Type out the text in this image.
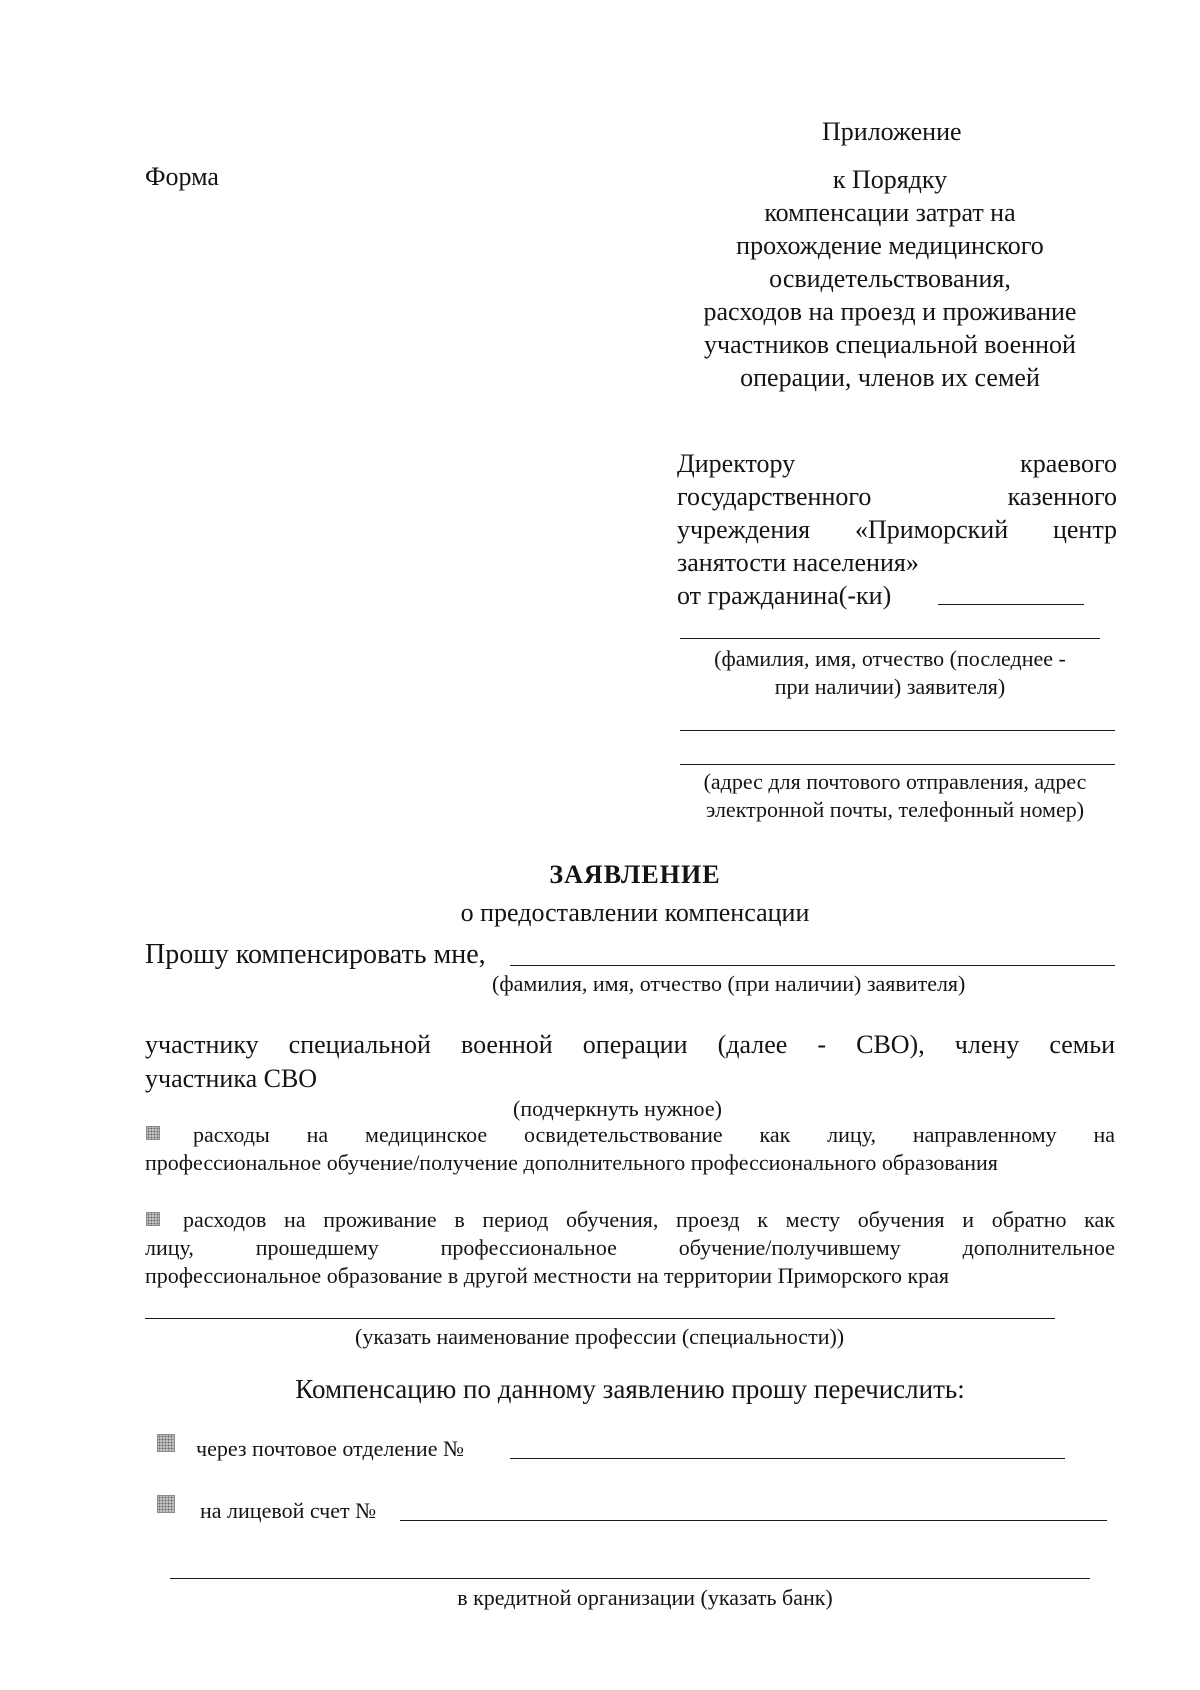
Форма
Приложение
к Порядку
компенсации затрат на
прохождение медицинского
освидетельствования,
расходов на проезд и проживание
участников специальной военной
операции, членов их семей
Директору	краевого
государственного	казенного
учреждения «Приморский центр
занятости населения»
от гражданина(-ки)
(фамилия, имя, отчество (последнее -
при наличии) заявителя)
(адрес для почтового отправления, адрес
электронной почты, телефонный номер)
ЗАЯВЛЕНИЕ
о предоставлении компенсации
Прошу компенсировать мне,
(фамилия, имя, отчество (при наличии) заявителя)
участнику специальной военной операции (далее - СВО), члену семьи
участника СВО
(подчеркнуть нужное)
расходы на медицинское освидетельствование как лицу, направленному на
профессиональное обучение/получение дополнительного профессионального образования
расходов на проживание в период обучения, проезд к месту обучения и обратно как
лицу, прошедшему профессиональное обучение/получившему дополнительное
профессиональное образование в другой местности на территории Приморского края
(указать наименование профессии (специальности))
Компенсацию по данному заявлению прошу перечислить:
через почтовое отделение №
на лицевой счет №
в кредитной организации (указать банк)
